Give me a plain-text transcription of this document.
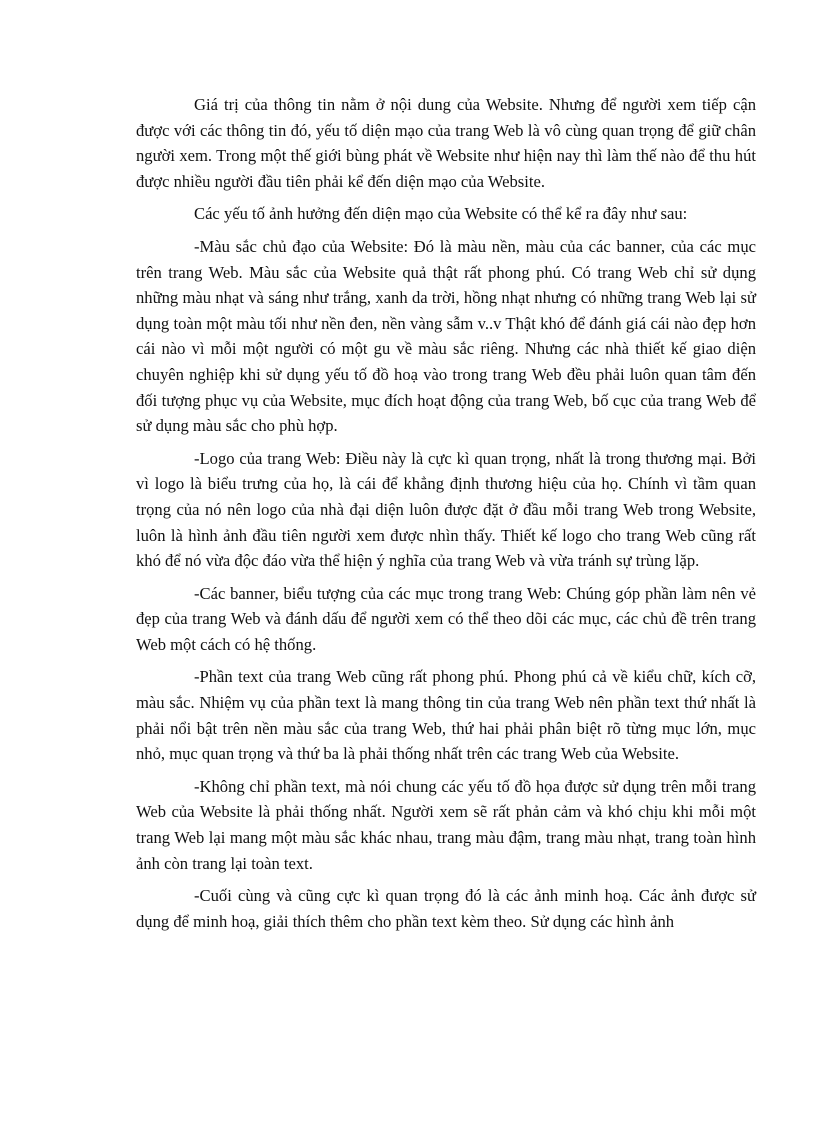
Giá trị của thông tin nằm ở nội dung của Website. Nhưng để người xem tiếp cận được với các thông tin đó, yếu tố diện mạo của trang Web là vô cùng quan trọng để giữ chân người xem. Trong một thế giới bùng phát về Website như hiện nay thì làm thế nào để thu hút được nhiều người đầu tiên phải kể đến diện mạo của Website.

Các yếu tố ảnh hưởng đến diện mạo của Website có thể kể ra đây như sau:

-Màu sắc chủ đạo của Website: Đó là màu nền, màu của các banner, của các mục trên trang Web. Màu sắc của Website quả thật rất phong phú. Có trang Web chỉ sử dụng những màu nhạt và sáng như trắng, xanh da trời, hồng nhạt nhưng có những trang Web lại sử dụng toàn một màu tối như nền đen, nền vàng sẫm v..v Thật khó để đánh giá cái nào đẹp hơn cái nào vì mỗi một người có một gu về màu sắc riêng. Nhưng các nhà thiết kế giao diện chuyên nghiệp khi sử dụng yếu tố đồ hoạ vào trong trang Web đều phải luôn quan tâm đến đối tượng phục vụ của Website, mục đích hoạt động của trang Web, bố cục của trang Web để sử dụng màu sắc cho phù hợp.

-Logo của trang Web: Điều này là cực kì quan trọng, nhất là trong thương mại. Bởi vì logo là biểu trưng của họ, là cái để khẳng định thương hiệu của họ. Chính vì tầm quan trọng của nó nên logo của nhà đại diện luôn được đặt ở đầu mỗi trang Web trong Website, luôn là hình ảnh đầu tiên người xem được nhìn thấy. Thiết kế logo cho trang Web cũng rất khó để nó vừa độc đáo vừa thể hiện ý nghĩa của trang Web và vừa tránh sự trùng lặp.

-Các banner, biểu tượng của các mục trong trang Web: Chúng góp phần làm nên vẻ đẹp của trang Web và đánh dấu để người xem có thể theo dõi các mục, các chủ đề trên trang Web một cách có hệ thống.

-Phần text của trang Web cũng rất phong phú. Phong phú cả về kiểu chữ, kích cỡ, màu sắc. Nhiệm vụ của phần text là mang thông tin của trang Web nên phần text thứ nhất là phải nổi bật trên nền màu sắc của trang Web, thứ hai phải phân biệt rõ từng mục lớn, mục nhỏ, mục quan trọng và thứ ba là phải thống nhất trên các trang Web của Website.

-Không chỉ phần text, mà nói chung các yếu tố đồ họa được sử dụng trên mỗi trang Web của Website là phải thống nhất. Người xem sẽ rất phản cảm và khó chịu khi mỗi một trang Web lại mang một màu sắc khác nhau, trang màu đậm, trang màu nhạt, trang toàn hình ảnh còn trang lại toàn text.

-Cuối cùng và cũng cực kì quan trọng đó là các ảnh minh hoạ. Các ảnh được sử dụng để minh hoạ, giải thích thêm cho phần text kèm theo. Sử dụng các hình ảnh
